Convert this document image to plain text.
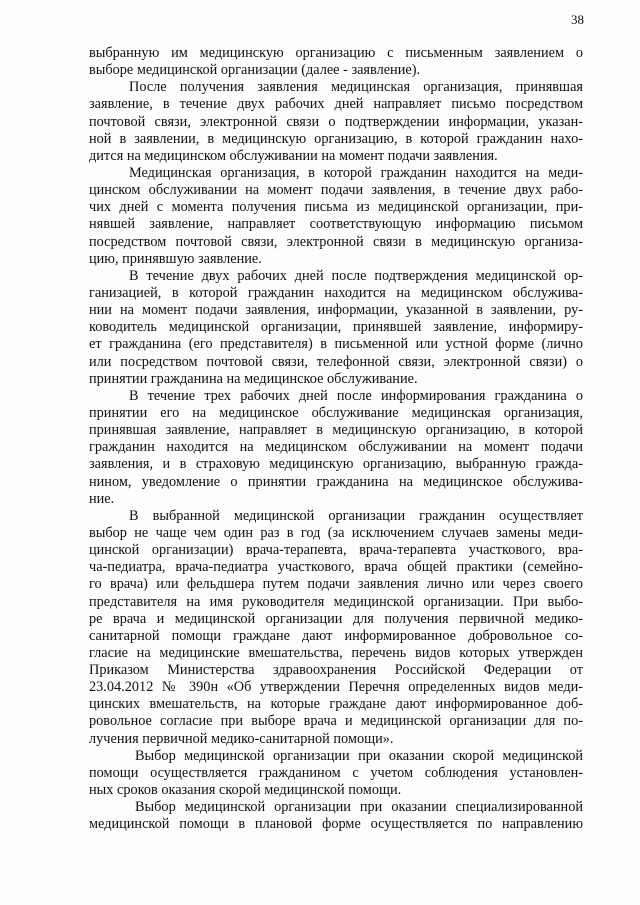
38
выбранную им медицинскую организацию с письменным заявлением о
выборе медицинской организации (далее - заявление).
После получения заявления медицинская организация, принявшая
заявление, в течение двух рабочих дней направляет письмо посредством
почтовой связи, электронной связи о подтверждении информации, указан-
ной в заявлении, в медицинскую организацию, в которой гражданин нахо-
дится на медицинском обслуживании на момент подачи заявления.
Медицинская организация, в которой гражданин находится на меди-
цинском обслуживании на момент подачи заявления, в течение двух рабо-
чих дней с момента получения письма из медицинской организации, при-
нявшей заявление, направляет соответствующую информацию письмом
посредством почтовой связи, электронной связи в медицинскую организа-
цию, принявшую заявление.
В течение двух рабочих дней после подтверждения медицинской ор-
ганизацией, в которой гражданин находится на медицинском обслужива-
нии на момент подачи заявления, информации, указанной в заявлении, ру-
ководитель медицинской организации, принявшей заявление, информиру-
ет гражданина (его представителя) в письменной или устной форме (лично
или посредством почтовой связи, телефонной связи, электронной связи) о
принятии гражданина на медицинское обслуживание.
В течение трех рабочих дней после информирования гражданина о
принятии его на медицинское обслуживание медицинская организация,
принявшая заявление, направляет в медицинскую организацию, в которой
гражданин находится на медицинском обслуживании на момент подачи
заявления, и в страховую медицинскую организацию, выбранную гражда-
нином, уведомление о принятии гражданина на медицинское обслужива-
ние.
В выбранной медицинской организации гражданин осуществляет
выбор не чаще чем один раз в год (за исключением случаев замены меди-
цинской организации) врача-терапевта, врача-терапевта участкового, вра-
ча-педиатра, врача-педиатра участкового, врача общей практики (семейно-
го врача) или фельдшера путем подачи заявления лично или через своего
представителя на имя руководителя медицинской организации. При выбо-
ре врача и медицинской организации для получения первичной медико-
санитарной помощи граждане дают информированное добровольное со-
гласие на медицинские вмешательства, перечень видов которых утвержден
Приказом Министерства здравоохранения Российской Федерации от
23.04.2012 № 390н «Об утверждении Перечня определенных видов меди-
цинских вмешательств, на которые граждане дают информированное доб-
ровольное согласие при выборе врача и медицинской организации для по-
лучения первичной медико-санитарной помощи».
Выбор медицинской организации при оказании скорой медицинской
помощи осуществляется гражданином с учетом соблюдения установлен-
ных сроков оказания скорой медицинской помощи.
Выбор медицинской организации при оказании специализированной
медицинской помощи в плановой форме осуществляется по направлению
